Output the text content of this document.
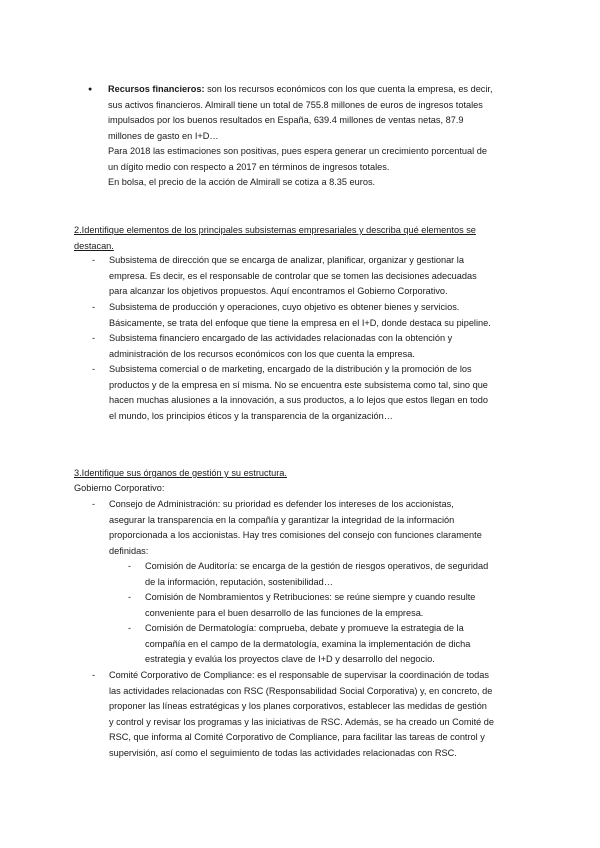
● Recursos financieros: son los recursos económicos con los que cuenta la empresa, es decir,

sus activos financieros. Almirall tiene un total de 755.8 millones de euros de ingresos totales

impulsados por los buenos resultados en España, 639.4 millones de ventas netas, 87.9

millones de gasto en I+D…

Para 2018 las estimaciones son positivas, pues espera generar un crecimiento porcentual de

un dígito medio con respecto a 2017 en términos de ingresos totales.

En bolsa, el precio de la acción de Almirall se cotiza a 8.35 euros.

2.Identifique elementos de los principales subsistemas empresariales y describa qué elementos se

destacan.

- Subsistema de dirección que se encarga de analizar, planificar, organizar y gestionar la

empresa. Es decir, es el responsable de controlar que se tomen las decisiones adecuadas

para alcanzar los objetivos propuestos. Aquí encontramos el Gobierno Corporativo.

- Subsistema de producción y operaciones, cuyo objetivo es obtener bienes y servicios.

Básicamente, se trata del enfoque que tiene la empresa en el I+D, donde destaca su pipeline.

- Subsistema financiero encargado de las actividades relacionadas con la obtención y

administración de los recursos económicos con los que cuenta la empresa.

- Subsistema comercial o de marketing, encargado de la distribución y la promoción de los

productos y de la empresa en sí misma. No se encuentra este subsistema como tal, sino que

hacen muchas alusiones a la innovación, a sus productos, a lo lejos que estos llegan en todo

el mundo, los principios éticos y la transparencia de la organización…

3.Identifique sus órganos de gestión y su estructura.
Gobierno Corporativo:
- Consejo de Administración: su prioridad es defender los intereses de los accionistas,

asegurar la transparencia en la compañía y garantizar la integridad de la información

proporcionada a los accionistas. Hay tres comisiones del consejo con funciones claramente

definidas:

- Comisión de Auditoría: se encarga de la gestión de riesgos operativos, de seguridad

de la información, reputación, sostenibilidad…

- Comisión de Nombramientos y Retribuciones: se reúne siempre y cuando resulte

conveniente para el buen desarrollo de las funciones de la empresa.

- Comisión de Dermatología: comprueba, debate y promueve la estrategia de la

compañía en el campo de la dermatología, examina la implementación de dicha

estrategia y evalúa los proyectos clave de I+D y desarrollo del negocio.

- Comité Corporativo de Compliance: es el responsable de supervisar la coordinación de todas

las actividades relacionadas con RSC (Responsabilidad Social Corporativa) y, en concreto, de

proponer las líneas estratégicas y los planes corporativos, establecer las medidas de gestión

y control y revisar los programas y las iniciativas de RSC. Además, se ha creado un Comité de

RSC, que informa al Comité Corporativo de Compliance, para facilitar las tareas de control y

supervisión, así como el seguimiento de todas las actividades relacionadas con RSC.
